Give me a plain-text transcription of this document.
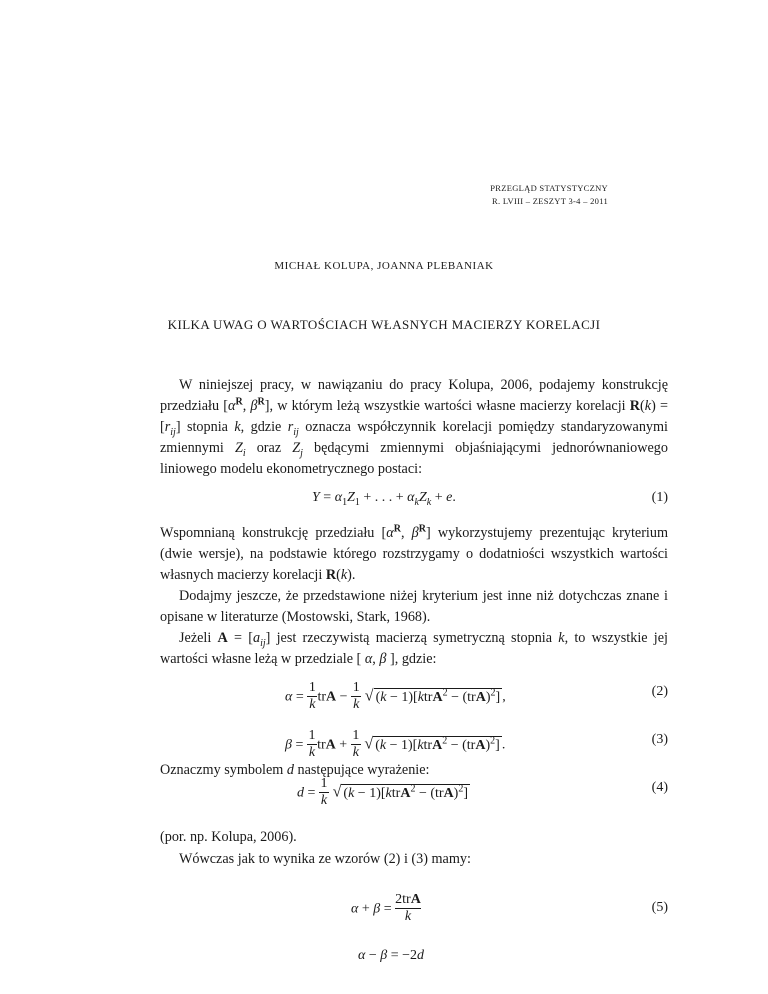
PRZEGLĄD STATYSTYCZNY
R. LVIII – ZESZYT 3-4 – 2011
MICHAŁ KOLUPA, JOANNA PLEBANIAK
KILKA UWAG O WARTOŚCIACH WŁASNYCH MACIERZY KORELACJI
W niniejszej pracy, w nawiązaniu do pracy Kolupa, 2006, podajemy konstrukcję przedziału [$\alpha^R$, $\beta^R$], w którym leżą wszystkie wartości własne macierzy korelacji $R(k) = [r_{ij}]$ stopnia k, gdzie $r_{ij}$ oznacza współczynnik korelacji pomiędzy standaryzowanymi zmiennymi $Z_i$ oraz $Z_j$ będącymi zmiennymi objaśniającymi jednorównaniowego liniowego modelu ekonometrycznego postaci:
$Y = \alpha_1Z_1$ + . . . + $\alpha_kZ_k + e$.	(1)
Wspomnianą konstrukcję przedziału [$\alpha^R$, $\beta^R$] wykorzystujemy prezentując kryterium (dwie wersje), na podstawie którego rozstrzygamy o dodatniości wszystkich wartości własnych macierzy korelacji R(k).
Dodajmy jeszcze, że przedstawione niżej kryterium jest inne niż dotychczas znane i opisane w literaturze (Mostowski, Stark, 1968).
Jeżeli $A = [a_{ij}]$ jest rzeczywistą macierzą symetryczną stopnia k, to wszystkie jej wartości własne leżą w przedziale [ α, β ], gdzie:
$\alpha = \frac{1}{k}$ trA − $\frac{1}{k}$ √ (k − 1)[ktrA$^2$ − (trA)$^2$] ,	(2)
$\beta = \frac{1}{k}$ trA + $\frac{1}{k}$ √ (k − 1)[ktrA$^2$ − (trA)$^2$] .	(3)
Oznaczmy symbolem d następujące wyrażenie:
$d = \frac{1}{k}$ √ (k − 1)[ktrA$^2$ − (trA)$^2$]	(4)
(por. np. Kolupa, 2006).
Wówczas jak to wynika ze wzorów (2) i (3) mamy:
$\alpha + \beta = \frac{\text{2trA}}{k}$	(5)
α − β = −2d
